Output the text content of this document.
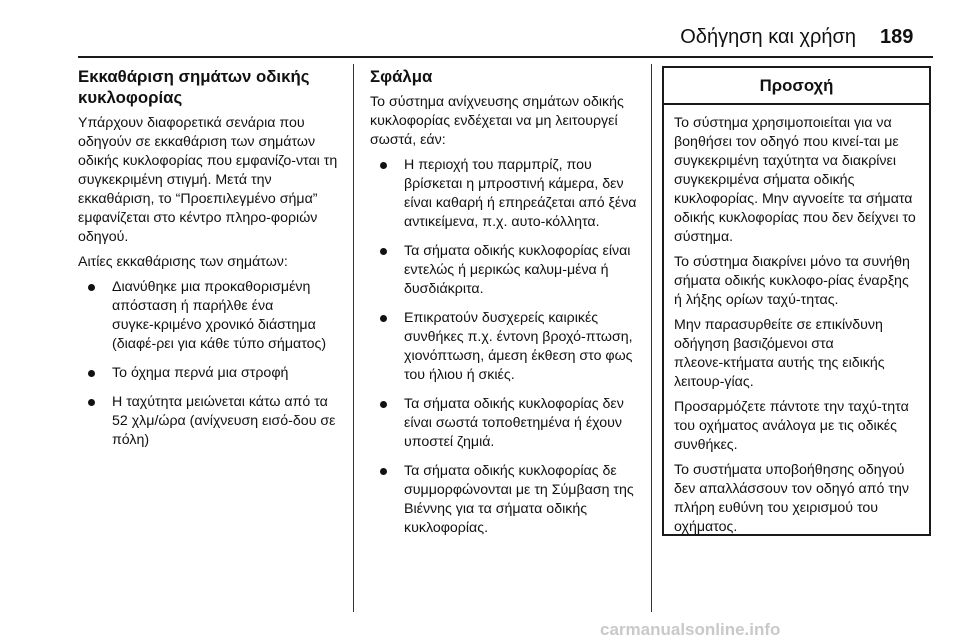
Οδήγηση και χρήση 189
Εκκαθάριση σημάτων οδικής κυκλοφορίας

Υπάρχουν διαφορετικά σενάρια που οδηγούν σε εκκαθάριση των σημάτων οδικής κυκλοφορίας που εμφανίζο‑νται τη συγκεκριμένη στιγμή. Μετά την εκκαθάριση, το “Προεπιλεγμένο σήμα” εμφανίζεται στο κέντρο πληρο‑φοριών οδηγού.

Αιτίες εκκαθάρισης των σημάτων:

Διανύθηκε μια προκαθορισμένη απόσταση ή παρήλθε ένα συγκε‑κριμένο χρονικό διάστημα (διαφέ‑ρει για κάθε τύπο σήματος)
Το όχημα περνά μια στροφή
Η ταχύτητα μειώνεται κάτω από τα 52 χλμ/ώρα (ανίχνευση εισό‑δου σε πόλη)
Σφάλμα

Το σύστημα ανίχνευσης σημάτων οδικής κυκλοφορίας ενδέχεται να μη λειτουργεί σωστά, εάν:

Η περιοχή του παρμπρίζ, που βρίσκεται η μπροστινή κάμερα, δεν είναι καθαρή ή επηρεάζεται από ξένα αντικείμενα, π.χ. αυτο‑κόλλητα.
Τα σήματα οδικής κυκλοφορίας είναι εντελώς ή μερικώς καλυμ‑μένα ή δυσδιάκριτα.
Επικρατούν δυσχερείς καιρικές συνθήκες π.χ. έντονη βροχό‑πτωση, χιονόπτωση, άμεση έκθεση στο φως του ήλιου ή σκιές.
Τα σήματα οδικής κυκλοφορίας δεν είναι σωστά τοποθετημένα ή έχουν υποστεί ζημιά.
Τα σήματα οδικής κυκλοφορίας δε συμμορφώνονται με τη Σύμβαση της Βιέννης για τα σήματα οδικής κυκλοφορίας.
Προσοχή

Το σύστημα χρησιμοποιείται για να βοηθήσει τον οδηγό που κινεί‑ται με συγκεκριμένη ταχύτητα να διακρίνει συγκεκριμένα σήματα οδικής κυκλοφορίας. Μην αγνοείτε τα σήματα οδικής κυκλοφορίας που δεν δείχνει το σύστημα.

Το σύστημα διακρίνει μόνο τα συνήθη σήματα οδικής κυκλοφο‑ρίας έναρξης ή λήξης ορίων ταχύ‑τητας.

Μην παρασυρθείτε σε επικίνδυνη οδήγηση βασιζόμενοι στα πλεονε‑κτήματα αυτής της ειδικής λειτουρ‑γίας.

Προσαρμόζετε πάντοτε την ταχύ‑τητα του οχήματος ανάλογα με τις οδικές συνθήκες.

Το συστήματα υποβοήθησης οδηγού δεν απαλλάσσουν τον οδηγό από την πλήρη ευθύνη του χειρισμού του οχήματος.

carmanualsonline.info
